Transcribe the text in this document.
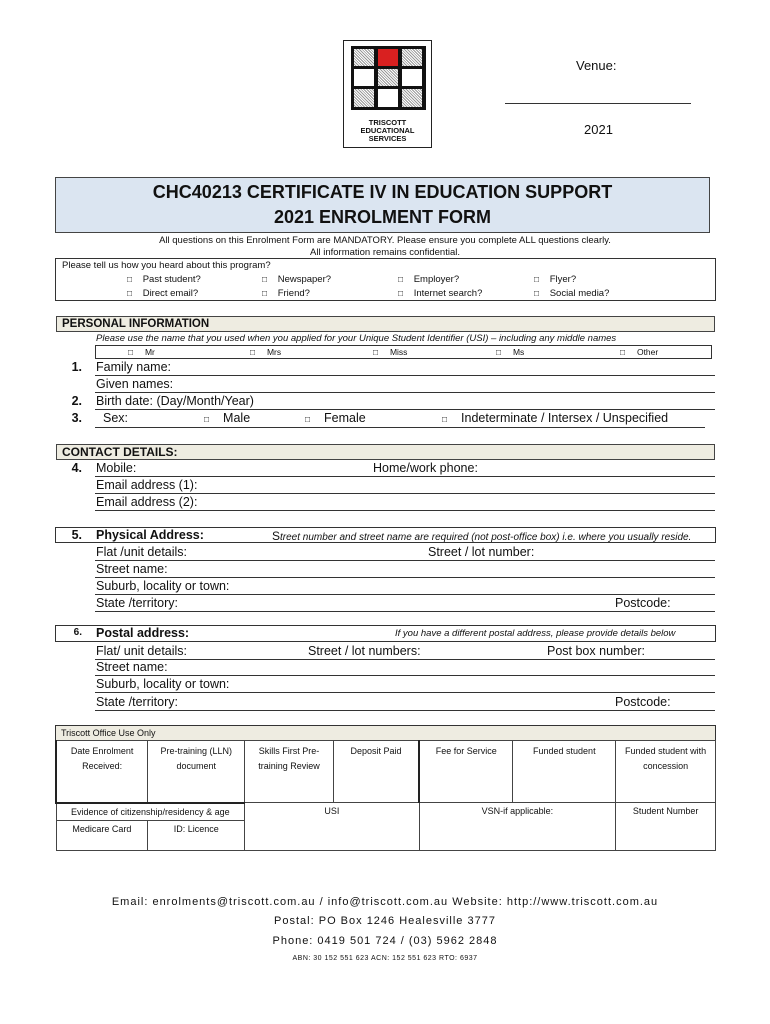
TRISCOTT
EDUCATIONAL
SERVICES
Venue:
2021
CHC40213 CERTIFICATE IV IN EDUCATION SUPPORT
2021 ENROLMENT FORM
All questions on this Enrolment Form are MANDATORY. Please ensure you complete ALL questions clearly.
All information remains confidential.
Please tell us how you heard about this program?
□ Past student?	□ Newspaper?	□ Employer?	□ Flyer?
□ Direct email?	□ Friend?	□ Internet search?	□ Social media?
PERSONAL INFORMATION
Please use the name that you used when you applied for your Unique Student Identifier (USI) – including any middle names
□     Mr	□     Mrs	□     Miss	□     Ms	□     Other
1. Family name:
Given names:
2. Birth date: (Day/Month/Year)
3. Sex:	□ Male	□ Female	□ Indeterminate / Intersex / Unspecified
CONTACT DETAILS:
4. Mobile:	Home/work phone:
Email address (1):
Email address (2):
5. Physical Address:	Street number and street name are required (not post-office box) i.e. where you usually reside.
Flat /unit details:	Street / lot number:
Street name:
Suburb, locality or town:
State /territory:	Postcode:
6. Postal address:	If you have a different postal address, please provide details below
Flat/ unit details:	Street / lot numbers:	Post box number:
Street name:
Suburb, locality or town:
State /territory:	Postcode:
Triscott Office Use Only
Date Enrolment Received:	Pre-training (LLN) document	Skills First Pre-training Review	Deposit Paid	Fee for Service	Funded student	Funded student with concession
Evidence of citizenship/residency & age		USI		VSN-if applicable:		Student Number
Medicare Card	ID: Licence					
Email: enrolments@triscott.com.au / info@triscott.com.au Website: http://www.triscott.com.au
Postal: PO Box 1246 Healesville 3777
Phone: 0419 501 724 / (03) 5962 2848
ABN: 30 152 551 623 ACN: 152 551 623 RTO: 6937
